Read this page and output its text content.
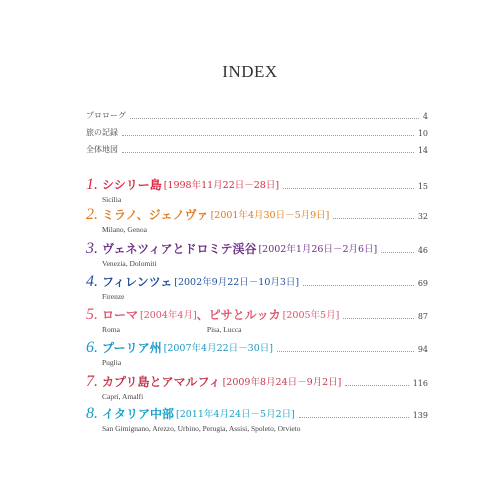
INDEX
プロローグ	4
旅の記録	10
全体地図	14
1. シシリー島 [1998年11月22日－28日]	15
Sicilia
2. ミラノ、ジェノヴァ [2001年4月30日－5月9日]	32
Milano, Genoa
3. ヴェネツィアとドロミテ渓谷 [2002年1月26日－2月6日]	46
Venezia, Dolomiti
4. フィレンツェ [2002年9月22日－10月3日]	69
Firenze
5. ローマ [2004年4月] 、ピサとルッカ [2005年5月]	87
Roma	Pisa, Lucca
6. プーリア州 [2007年4月22日－30日]	94
Puglia
7. カプリ島とアマルフィ [2009年8月24日－9月2日]	116
Capri, Amalfi
8. イタリア中部 [2011年4月24日－5月2日]	139
San Gimignano, Arezzo, Urbino, Perugia, Assisi, Spoleto, Orvieto
